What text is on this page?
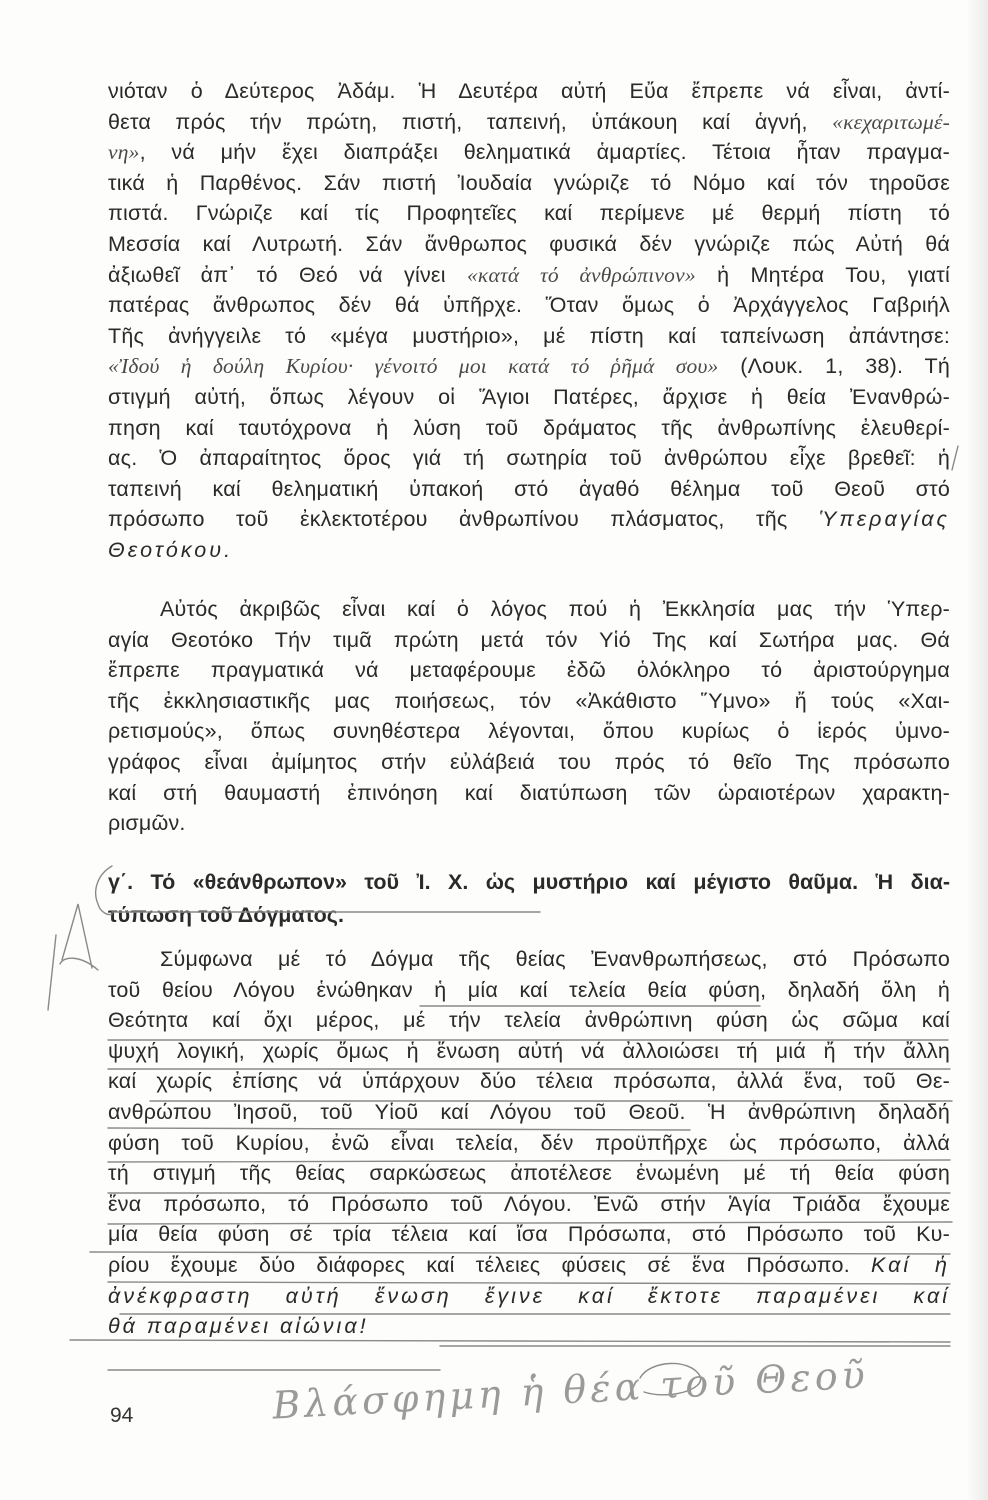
νιόταν ὁ Δεύτερος Ἀδάμ. Ἡ Δευτέρα αὐτή Εὔα ἔπρεπε νά εἶναι, ἀντί-
θετα πρός τήν πρώτη, πιστή, ταπεινή, ὑπάκουη καί ἁγνή, «κεχαριτωμέ-
νη», νά μήν ἔχει διαπράξει θεληματικά ἁμαρτίες. Τέτοια ἦταν πραγμα-
τικά ἡ Παρθένος. Σάν πιστή Ἰουδαία γνώριζε τό Νόμο καί τόν τηροῦσε
πιστά. Γνώριζε καί τίς Προφητεῖες καί περίμενε μέ θερμή πίστη τό
Μεσσία καί Λυτρωτή. Σάν ἄνθρωπος φυσικά δέν γνώριζε πώς Αὐτή θά
ἀξιωθεῖ ἀπ᾽ τό Θεό νά γίνει «κατά τό ἀνθρώπινον» ἡ Μητέρα Του, γιατί
πατέρας ἄνθρωπος δέν θά ὑπῆρχε. Ὅταν ὅμως ὁ Ἀρχάγγελος Γαβριήλ
Τῆς ἀνήγγειλε τό «μέγα μυστήριο», μέ πίστη καί ταπείνωση ἀπάντησε:
«Ἰδού ἡ δούλη Κυρίου· γένοιτό μοι κατά τό ῥῆμά σου» (Λουκ. 1, 38). Τή
στιγμή αὐτή, ὅπως λέγουν οἱ Ἅγιοι Πατέρες, ἄρχισε ἡ θεία Ἐνανθρώ-
πηση καί ταυτόχρονα ἡ λύση τοῦ δράματος τῆς ἀνθρωπίνης ἐλευθερί-
ας. Ὁ ἀπαραίτητος ὅρος γιά τή σωτηρία τοῦ ἀνθρώπου εἶχε βρεθεῖ: ἡ
ταπεινή καί θεληματική ὑπακοή στό ἀγαθό θέλημα τοῦ Θεοῦ στό
πρόσωπο τοῦ ἐκλεκτοτέρου ἀνθρωπίνου πλάσματος, τῆς Ὑπεραγίας
Θεοτόκου.
Αὐτός ἀκριβῶς εἶναι καί ὁ λόγος πού ἡ Ἐκκλησία μας τήν Ὑπερ-
αγία Θεοτόκο Τήν τιμᾶ πρώτη μετά τόν Υἱό Της καί Σωτήρα μας. Θά
ἔπρεπε πραγματικά νά μεταφέρουμε ἐδῶ ὁλόκληρο τό ἀριστούργημα
τῆς ἐκκλησιαστικῆς μας ποιήσεως, τόν «Ἀκάθιστο Ὕμνο» ἤ τούς «Χαι-
ρετισμούς», ὅπως συνηθέστερα λέγονται, ὅπου κυρίως ὁ ἱερός ὑμνο-
γράφος εἶναι ἀμίμητος στήν εὐλάβειά του πρός τό θεῖο Της πρόσωπο
καί στή θαυμαστή ἐπινόηση καί διατύπωση τῶν ὡραιοτέρων χαρακτη-
ρισμῶν.
γ΄. Τό «θεάνθρωπον» τοῦ Ἰ. Χ. ὡς μυστήριο καί μέγιστο θαῦμα. Ἡ δια-
τύπωση τοῦ Δόγματος.
Σύμφωνα μέ τό Δόγμα τῆς θείας Ἐνανθρωπήσεως, στό Πρόσωπο
τοῦ θείου Λόγου ἑνώθηκαν ἡ μία καί τελεία θεία φύση, δηλαδή ὅλη ἡ
Θεότητα καί ὄχι μέρος, μέ τήν τελεία ἀνθρώπινη φύση ὡς σῶμα καί
ψυχή λογική, χωρίς ὅμως ἡ ἕνωση αὐτή νά ἀλλοιώσει τή μιά ἤ τήν ἄλλη
καί χωρίς ἐπίσης νά ὑπάρχουν δύο τέλεια πρόσωπα, ἀλλά ἕνα, τοῦ Θε-
ανθρώπου Ἰησοῦ, τοῦ Υἱοῦ καί Λόγου τοῦ Θεοῦ. Ἡ ἀνθρώπινη δηλαδή
φύση τοῦ Κυρίου, ἐνῶ εἶναι τελεία, δέν προϋπῆρχε ὡς πρόσωπο, ἀλλά
τή στιγμή τῆς θείας σαρκώσεως ἀποτέλεσε ἑνωμένη μέ τή θεία φύση
ἕνα πρόσωπο, τό Πρόσωπο τοῦ Λόγου. Ἐνῶ στήν Ἁγία Τριάδα ἔχουμε
μία θεία φύση σέ τρία τέλεια καί ἴσα Πρόσωπα, στό Πρόσωπο τοῦ Κυ-
ρίου ἔχουμε δύο διάφορες καί τέλειες φύσεις σέ ἕνα Πρόσωπο. Καί ἡ
ἀνέκφραστη αὐτή ἕνωση ἔγινε καί ἔκτοτε παραμένει καί
θά παραμένει αἰώνια!
Βλάσφημη ἡ θέα τοῦ Θεοῦ
94
